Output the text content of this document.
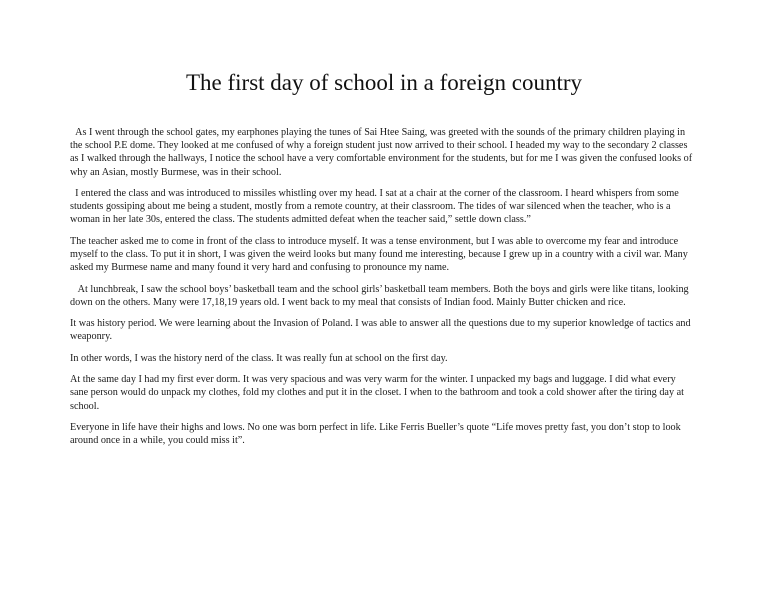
The first day of school in a foreign country

As I went through the school gates, my earphones playing the tunes of Sai Htee Saing, was greeted with the sounds of the primary children playing in the school P.E dome. They looked at me confused of why a foreign student just now arrived to their school. I headed my way to the secondary 2 classes as I walked through the hallways, I notice the school have a very comfortable environment for the students, but for me I was given the confused looks of why an Asian, mostly Burmese, was in their school.

I entered the class and was introduced to missiles whistling over my head. I sat at a chair at the corner of the classroom. I heard whispers from some students gossiping about me being a student, mostly from a remote country, at their classroom. The tides of war silenced when the teacher, who is a woman in her late 30s, entered the class. The students admitted defeat when the teacher said,” settle down class.”

The teacher asked me to come in front of the class to introduce myself. It was a tense environment, but I was able to overcome my fear and introduce myself to the class. To put it in short, I was given the weird looks but many found me interesting, because I grew up in a country with a civil war. Many asked my Burmese name and many found it very hard and confusing to pronounce my name.

At lunchbreak, I saw the school boys’ basketball team and the school girls’ basketball team members. Both the boys and girls were like titans, looking down on the others. Many were 17,18,19 years old. I went back to my meal that consists of Indian food. Mainly Butter chicken and rice.

It was history period. We were learning about the Invasion of Poland. I was able to answer all the questions due to my superior knowledge of tactics and weaponry.

In other words, I was the history nerd of the class. It was really fun at school on the first day.

At the same day I had my first ever dorm. It was very spacious and was very warm for the winter. I unpacked my bags and luggage. I did what every sane person would do unpack my clothes, fold my clothes and put it in the closet. I when to the bathroom and took a cold shower after the tiring day at school.

Everyone in life have their highs and lows. No one was born perfect in life. Like Ferris Bueller’s quote “Life moves pretty fast, you don’t stop to look around once in a while, you could miss it”.
